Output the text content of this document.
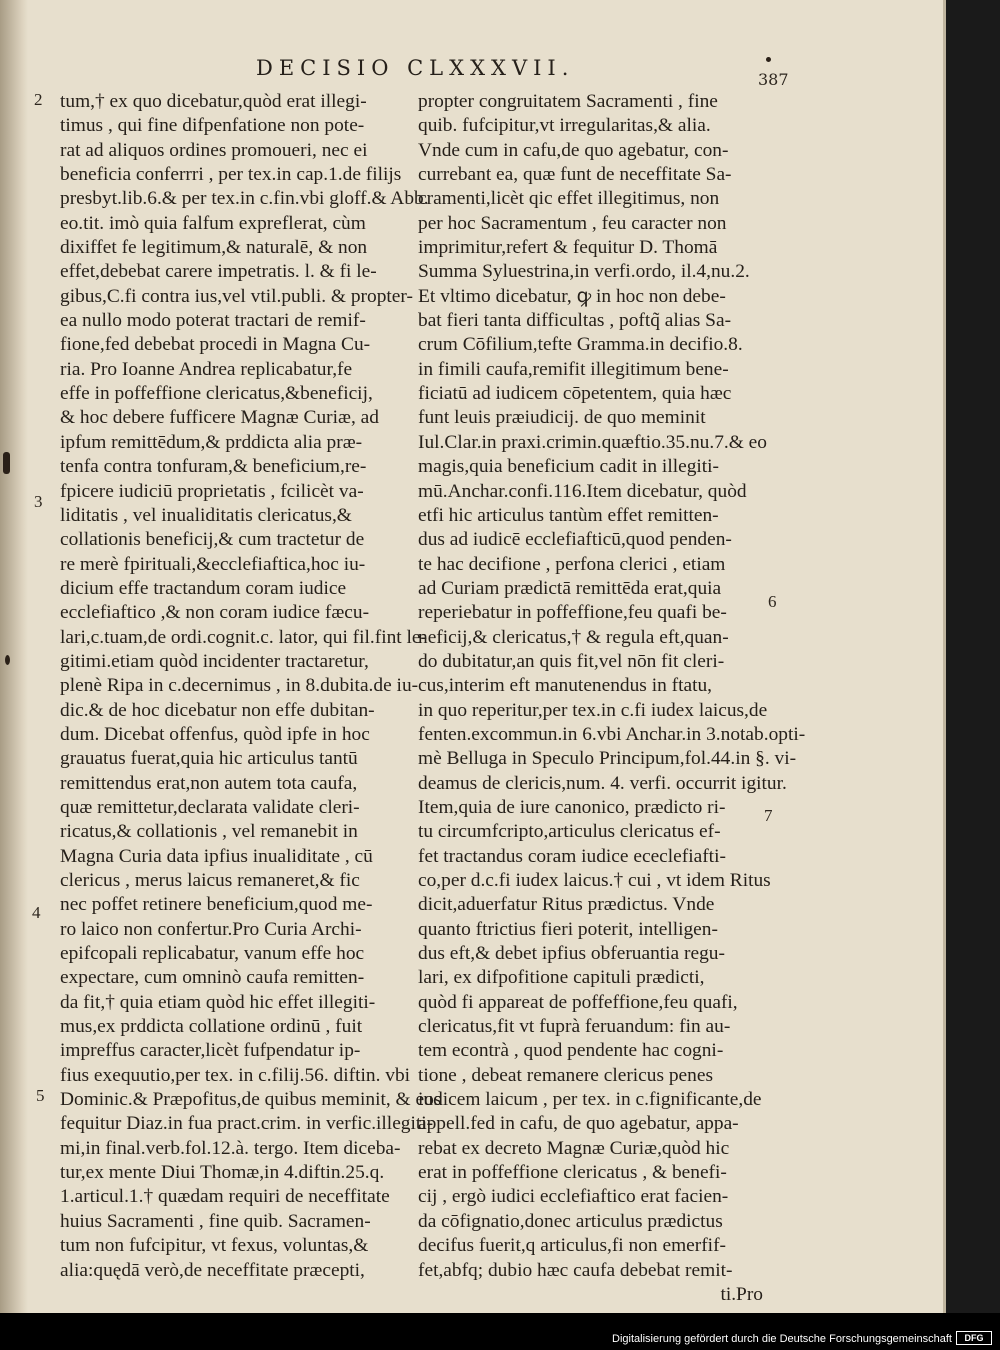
DECISIO CLXXXVII.	387
2
3
4
5
6
7
tum,† ex quo dicebatur,quòd erat illegi-
timus , qui fine difpenfatione non pote-
rat ad aliquos ordines promoueri, nec ei
beneficia conferrri , per tex.in cap.1.de filijs
presbyt.lib.6.& per tex.in c.fin.vbi gloff.& Abb.
eo.tit. imò quia falfum expreflerat, cùm
dixiffet fe legitimum,& naturalē, & non
effet,debebat carere impetratis. l. & fi le-
gibus,C.fi contra ius,vel vtil.publi. & propter-
ea nullo modo poterat tractari de remif-
fione,fed debebat procedi in Magna Cu-
ria. Pro Ioanne Andrea replicabatur,fe
effe in poffeffione clericatus,&beneficij,
& hoc debere fufficere Magnæ Curiæ, ad
ipfum remittēdum,& prddicta alia præ-
tenfa contra tonfuram,& beneficium,re-
fpicere iudiciū proprietatis , fcilicèt va-
liditatis , vel inualiditatis clericatus,&
collationis beneficij,& cum tractetur de
re merè fpirituali,&ecclefiaftica,hoc iu-
dicium effe tractandum coram iudice
ecclefiaftico ,& non coram iudice fæcu-
lari,c.tuam,de ordi.cognit.c. lator, qui fil.fint le-
gitimi.etiam quòd incidenter tractaretur,
plenè Ripa in c.decernimus , in 8.dubita.de iu-
dic.& de hoc dicebatur non effe dubitan-
dum. Dicebat offenfus, quòd ipfe in hoc
grauatus fuerat,quia hic articulus tantū
remittendus erat,non autem tota caufa,
quæ remittetur,declarata validate cleri-
ricatus,& collationis , vel remanebit in
Magna Curia data ipfius inualiditate , cū
clericus , merus laicus remaneret,& fic
nec poffet retinere beneficium,quod me-
ro laico non confertur.Pro Curia Archi-
epifcopali replicabatur, vanum effe hoc
expectare, cum omninò caufa remitten-
da fit,† quia etiam quòd hic effet illegiti-
mus,ex prddicta collatione ordinū , fuit
impreffus caracter,licèt fufpendatur ip-
fius exequutio,per tex. in c.filij.56. diftin. vbi
Dominic.& Præpofitus,de quibus meminit, & eos
fequitur Diaz.in fua pract.crim. in verfic.illegiti-
mi,in final.verb.fol.12.à. tergo. Item diceba-
tur,ex mente Diui Thomæ,in 4.diftin.25.q.
1.articul.1.† quædam requiri de neceffitate
huius Sacramenti , fine quib. Sacramen-
tum non fufcipitur, vt fexus, voluntas,&
alia:quędā verò,de neceffitate præcepti,
propter congruitatem Sacramenti , fine
quib. fufcipitur,vt irregularitas,& alia.
Vnde cum in cafu,de quo agebatur, con-
currebant ea, quæ funt de neceffitate Sa-
cramenti,licèt qic effet illegitimus, non
per hoc Sacramentum , feu caracter non
imprimitur,refert & fequitur D. Thomā
Summa Syluestrina,in verfi.ordo, il.4,nu.2.
Et vltimo dicebatur, ꝙ in hoc non debe-
bat fieri tanta difficultas , poftq̃ alias Sa-
crum Cōfilium,tefte Gramma.in decifio.8.
in fimili caufa,remifit illegitimum bene-
ficiatū ad iudicem cōpetentem, quia hæc
funt leuis præiudicij. de quo meminit
Iul.Clar.in praxi.crimin.quæftio.35.nu.7.& eo
magis,quia beneficium cadit in illegiti-
mū.Anchar.confi.116.Item dicebatur, quòd
etfi hic articulus tantùm effet remitten-
dus ad iudicē ecclefiafticū,quod penden-
te hac decifione , perfona clerici , etiam
ad Curiam prædictā remittēda erat,quia
reperiebatur in poffeffione,feu quafi be-
neficij,& clericatus,† & regula eft,quan-
do dubitatur,an quis fit,vel nōn fit cleri-
cus,interim eft manutenendus in ftatu,
in quo reperitur,per tex.in c.fi iudex laicus,de
fenten.excommun.in 6.vbi Anchar.in 3.notab.opti-
mè Belluga in Speculo Principum,fol.44.in §. vi-
deamus de clericis,num. 4. verfi. occurrit igitur.
Item,quia de iure canonico, prædicto ri-
tu circumfcripto,articulus clericatus ef-
fet tractandus coram iudice ececlefiafti-
co,per d.c.fi iudex laicus.† cui , vt idem Ritus
dicit,aduerfatur Ritus prædictus. Vnde
quanto ftrictius fieri poterit, intelligen-
dus eft,& debet ipfius obferuantia regu-
lari, ex difpofitione capituli prædicti,
quòd fi appareat de poffeffione,feu quafi,
clericatus,fit vt fuprà feruandum: fin au-
tem econtrà , quod pendente hac cogni-
tione , debeat remanere clericus penes
iudicem laicum , per tex. in c.fignificante,de
appell.fed in cafu, de quo agebatur, appa-
rebat ex decreto Magnæ Curiæ,quòd hic
erat in poffeffione clericatus , & benefi-
cij , ergò iudici ecclefiaftico erat facien-
da cōfignatio,donec articulus prædictus
decifus fuerit,q articulus,fi non emerfif-
fet,abfq; dubio hæc caufa debebat remit-
ti.Pro
Digitalisierung gefördert durch die Deutsche Forschungsgemeinschaft	DFG
